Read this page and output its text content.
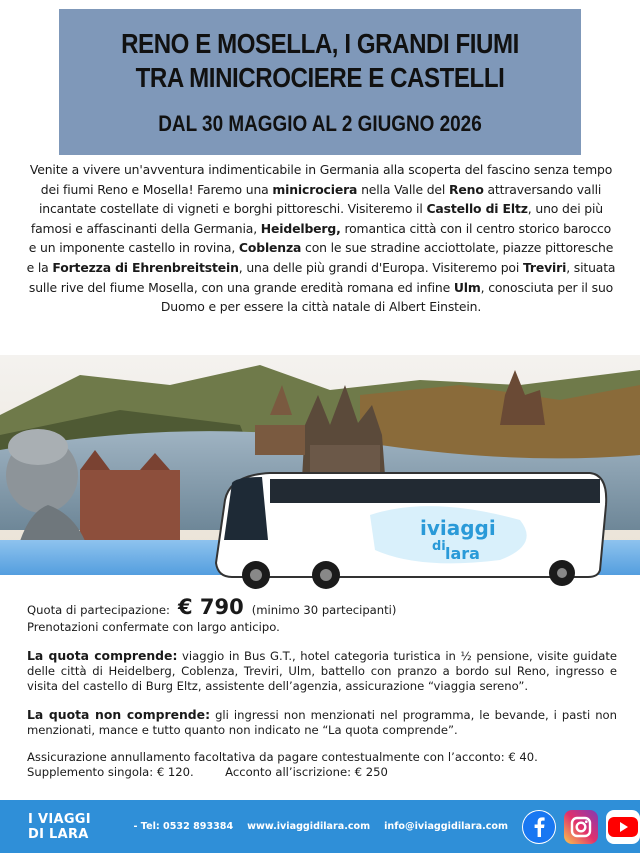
RENO E MOSELLA, I GRANDI FIUMI
TRA MINICROCIERE E CASTELLI
DAL 30 MAGGIO AL 2 GIUGNO 2026
Venite a vivere un'avventura indimenticabile in Germania alla scoperta del fascino senza tempo dei fiumi Reno e Mosella! Faremo una minicrociera nella Valle del Reno attraversando valli incantate costellate di vigneti e borghi pittoreschi. Visiteremo il Castello di Eltz, uno dei più famosi e affascinanti della Germania, Heidelberg, romantica città con il centro storico barocco e un imponente castello in rovina, Coblenza con le sue stradine acciottolate, piazze pittoresche e la Fortezza di Ehrenbreitstein, una delle più grandi d'Europa. Visiteremo poi Treviri, situata sulle rive del fiume Mosella, con una grande eredità romana ed infine Ulm, conosciuta per il suo Duomo e per essere la città natale di Albert Einstein.
iviaggi
di lara
Quota di partecipazione: € 790 (minimo 30 partecipanti)
Prenotazioni confermate con largo anticipo.
La quota comprende: viaggio in Bus G.T., hotel categoria turistica in ½ pensione, visite guidate delle città di Heidelberg, Coblenza, Treviri, Ulm, battello con pranzo a bordo sul Reno, ingresso e visita del castello di Burg Eltz, assistente dell’agenzia, assicurazione “viaggia sereno”.
La quota non comprende: gli ingressi non menzionati nel programma, le bevande, i pasti non menzionati, mance e tutto quanto non indicato ne “La quota comprende”.
Assicurazione annullamento facoltativa da pagare contestualmente con l’acconto: € 40.
Supplemento singola: € 120.	Acconto all’iscrizione: € 250
I VIAGGI DI LARA	- Tel: 0532 893384 www.iviaggidilara.com info@iviaggidilara.com
